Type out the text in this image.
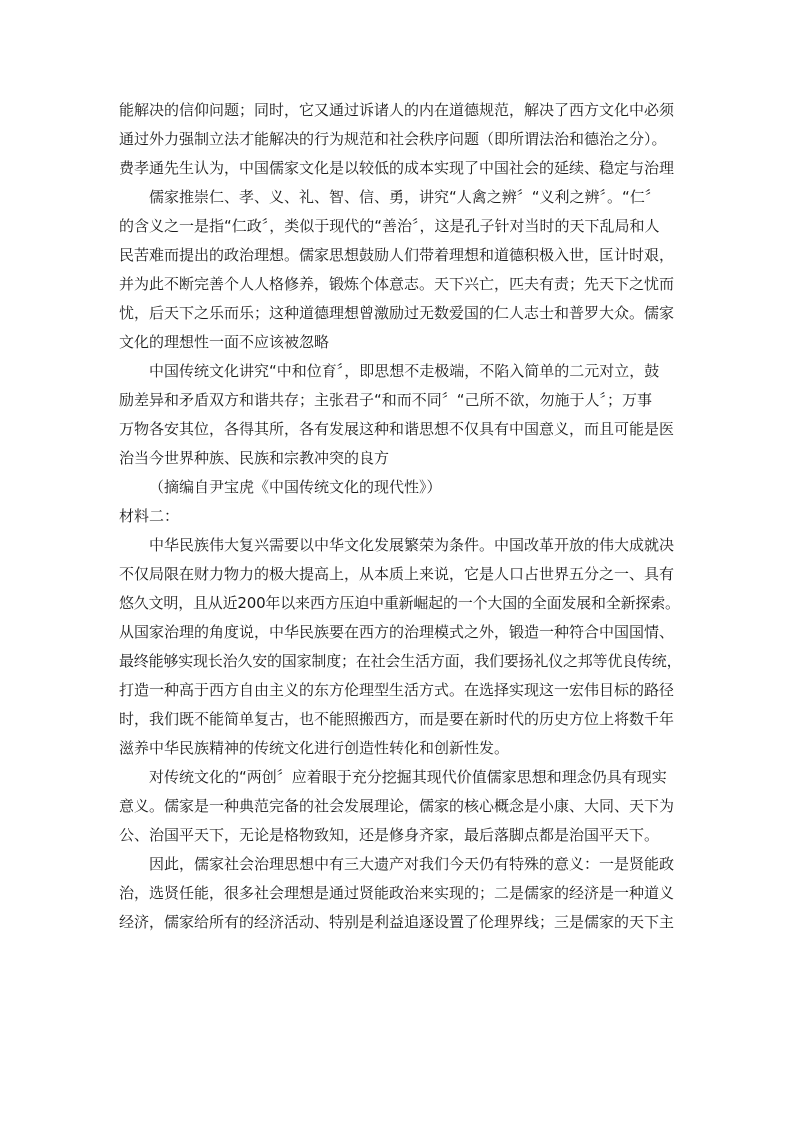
能解决的信仰问题；同时，它又通过诉诸人的内在道德规范，解决了西方文化中必须
通过外力强制立法才能解决的行为规范和社会秩序问题（即所谓法治和德治之分）。
费孝通先生认为，中国儒家文化是以较低的成本实现了中国社会的延续、稳定与治理
儒家推崇仁、孝、义、礼、智、信、勇，讲究“人禽之辨〞“义利之辨〞。“仁〞
的含义之一是指“仁政〞，类似于现代的“善治〞，这是孔子针对当时的天下乱局和人
民苦难而提出的政治理想。儒家思想鼓励人们带着理想和道德积极入世，匡计时艰，
并为此不断完善个人人格修养，锻炼个体意志。天下兴亡，匹夫有责；先天下之忧而
忧，后天下之乐而乐；这种道德理想曾激励过无数爱国的仁人志士和普罗大众。儒家
文化的理想性一面不应该被忽略
中国传统文化讲究“中和位育〞，即思想不走极端，不陷入简单的二元对立，鼓
励差异和矛盾双方和谐共存；主张君子“和而不同〞“己所不欲，勿施于人〞；万事
万物各安其位，各得其所，各有发展这种和谐思想不仅具有中国意义，而且可能是医
治当今世界种族、民族和宗教冲突的良方
（摘编自尹宝虎《中国传统文化的现代性》）
材料二：
中华民族伟大复兴需要以中华文化发展繁荣为条件。中国改革开放的伟大成就决
不仅局限在财力物力的极大提高上，从本质上来说，它是人口占世界五分之一、具有
悠久文明，且从近200年以来西方压迫中重新崛起的一个大国的全面发展和全新探索。
从国家治理的角度说，中华民族要在西方的治理模式之外，锻造一种符合中国国情、
最终能够实现长治久安的国家制度；在社会生活方面，我们要扬礼仪之邦等优良传统，
打造一种高于西方自由主义的东方伦理型生活方式。在选择实现这一宏伟目标的路径
时，我们既不能简单复古，也不能照搬西方，而是要在新时代的历史方位上将数千年
滋养中华民族精神的传统文化进行创造性转化和创新性发。
对传统文化的“两创〞应着眼于充分挖掘其现代价值儒家思想和理念仍具有现实
意义。儒家是一种典范完备的社会发展理论，儒家的核心概念是小康、大同、天下为
公、治国平天下，无论是格物致知，还是修身齐家，最后落脚点都是治国平天下。
因此，儒家社会治理思想中有三大遗产对我们今天仍有特殊的意义：一是贤能政
治，选贤任能，很多社会理想是通过贤能政治来实现的；二是儒家的经济是一种道义
经济，儒家给所有的经济活动、特别是利益追逐设置了伦理界线；三是儒家的天下主
